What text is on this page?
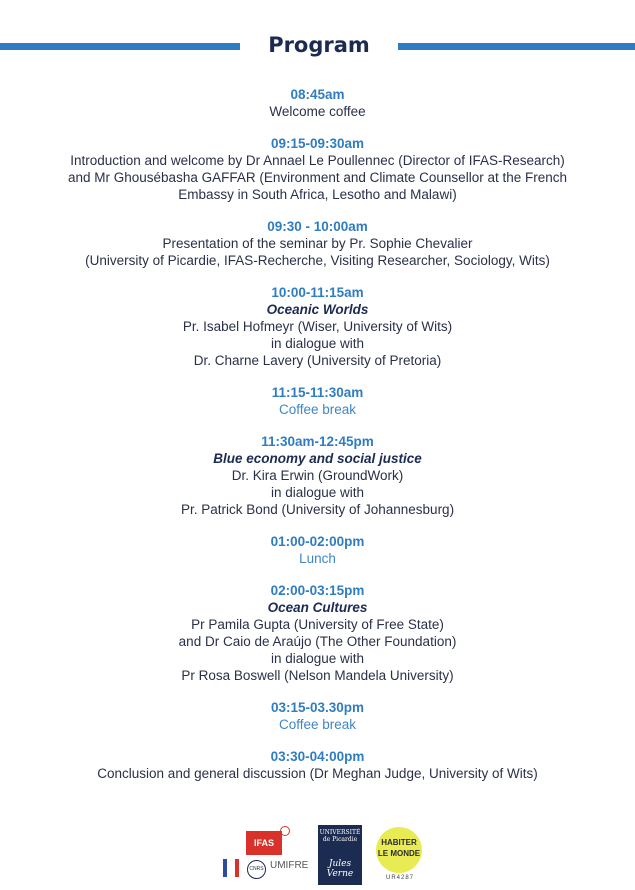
Program
08:45am
Welcome coffee
09:15-09:30am
Introduction and welcome by Dr Annael Le Poullennec (Director of IFAS-Research)
and Mr Ghousébasha GAFFAR (Environment and Climate Counsellor at the French
Embassy in South Africa, Lesotho and Malawi)
09:30 - 10:00am
Presentation of the seminar by Pr. Sophie Chevalier
(University of Picardie, IFAS-Recherche, Visiting Researcher, Sociology, Wits)
10:00-11:15am
Oceanic Worlds
Pr. Isabel Hofmeyr (Wiser, University of Wits)
in dialogue with
Dr. Charne Lavery (University of Pretoria)
11:15-11:30am
Coffee break
11:30am-12:45pm
Blue economy and social justice
Dr. Kira Erwin (GroundWork)
in dialogue with
Pr. Patrick Bond (University of Johannesburg)
01:00-02:00pm
Lunch
02:00-03:15pm
Ocean Cultures
Pr Pamila Gupta (University of Free State)
and Dr Caio de Araújo (The Other Foundation)
in dialogue with
Pr Rosa Boswell (Nelson Mandela University)
03:15-03.30pm
Coffee break
03:30-04:00pm
Conclusion and general discussion (Dr Meghan Judge, University of Wits)
IFAS
CNRS UMIFRE
UNIVERSITÉ de Picardie
Jules Verne
HABITER
LE MONDE
UR4287
